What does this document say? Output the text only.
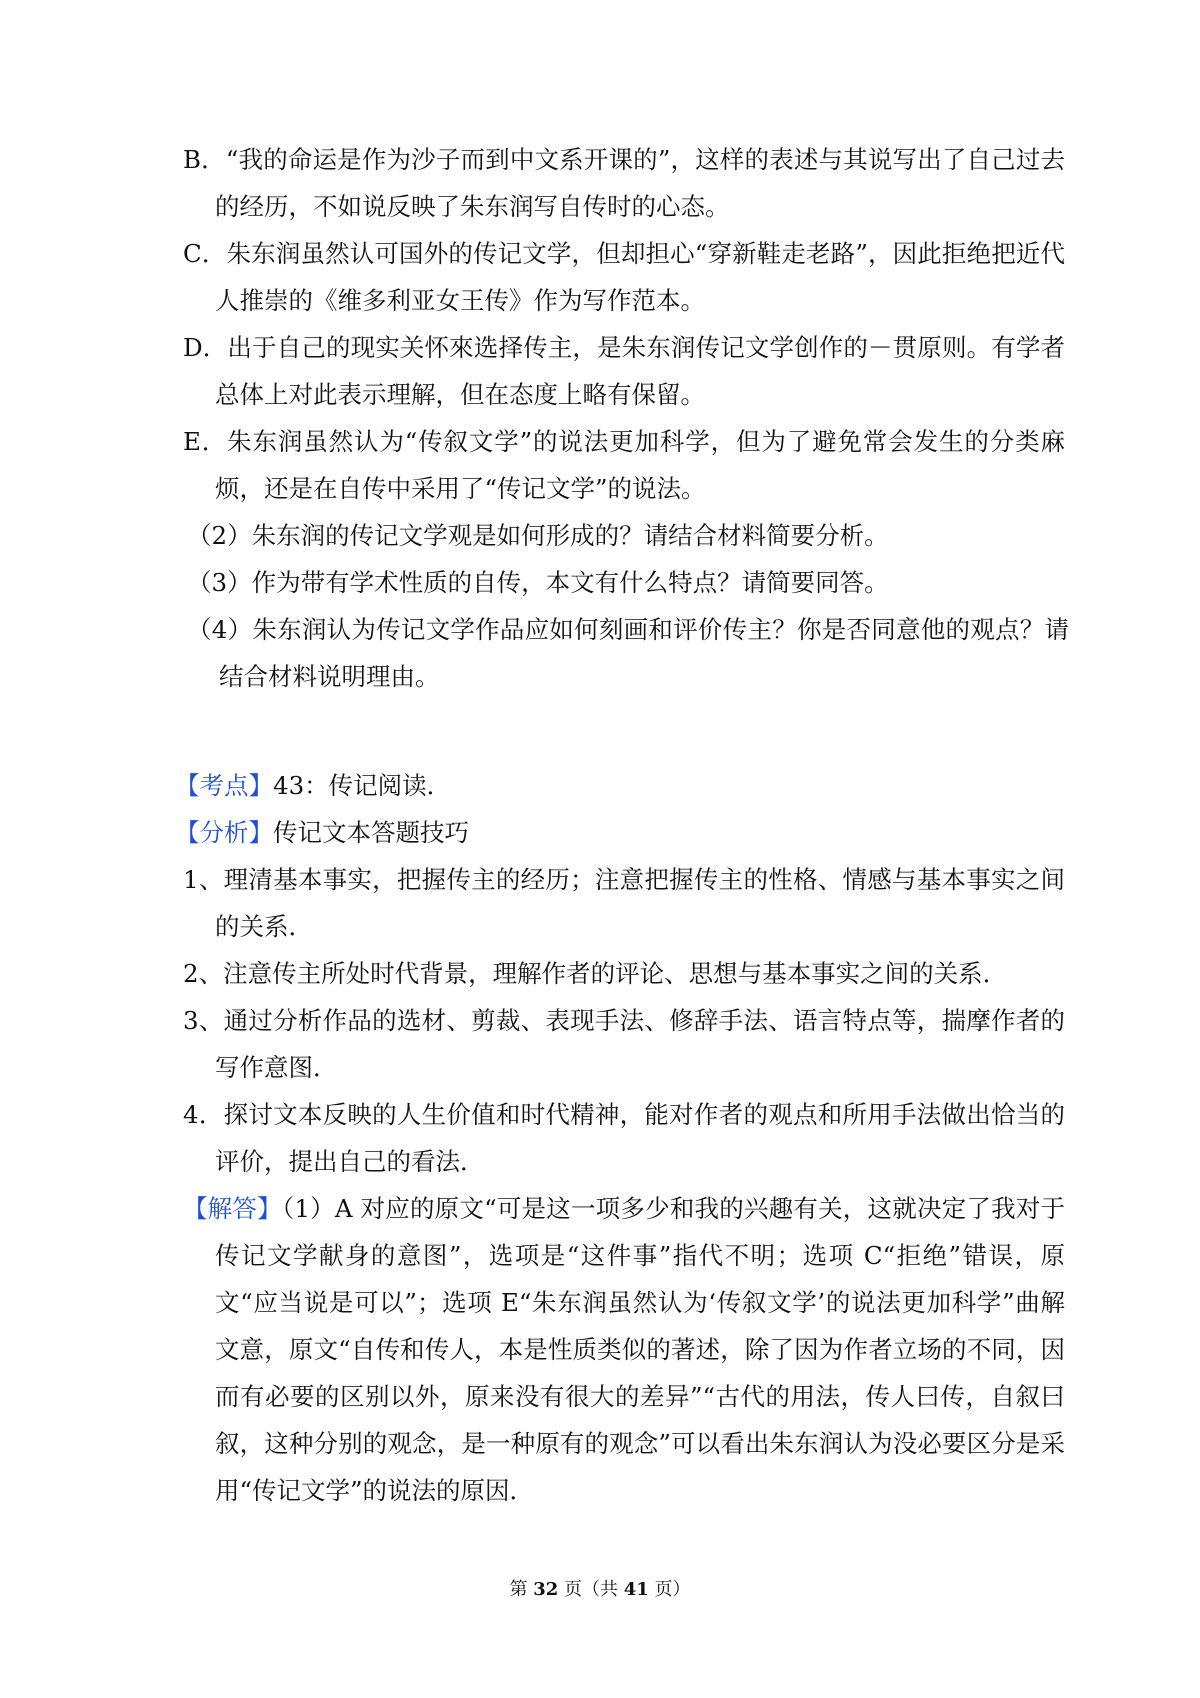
B．“我的命运是作为沙子而到中文系开课的”，这样的表述与其说写出了自己过去的经历，不如说反映了朱东润写自传时的心态。
C．朱东润虽然认可国外的传记文学，但却担心“穿新鞋走老路”，因此拒绝把近代人推崇的《维多利亚女王传》作为写作范本。
D．出于自己的现实关怀來选择传主，是朱东润传记文学创作的－贯原则。有学者总体上对此表示理解，但在态度上略有保留。
E．朱东润虽然认为“传叙文学”的说法更加科学，但为了避免常会发生的分类麻烦，还是在自传中采用了“传记文学”的说法。
（2）朱东润的传记文学观是如何形成的？请结合材料简要分析。
（3）作为带有学术性质的自传，本文有什么特点？请简要同答。
（4）朱东润认为传记文学作品应如何刻画和评价传主？你是否同意他的观点？请结合材料说明理由。
【考点】43：传记阅读．
【分析】传记文本答题技巧
1、理清基本事实，把握传主的经历；注意把握传主的性格、情感与基本事实之间的关系．
2、注意传主所处时代背景，理解作者的评论、思想与基本事实之间的关系．
3、通过分析作品的选材、剪裁、表现手法、修辞手法、语言特点等，揣摩作者的写作意图．
4．探讨文本反映的人生价值和时代精神，能对作者的观点和所用手法做出恰当的评价，提出自己的看法．
【解答】（1）A 对应的原文“可是这一项多少和我的兴趣有关，这就决定了我对于传记文学献身的意图”，选项是“这件事”指代不明；选项 C“拒绝”错误，原文“应当说是可以”；选项 E“朱东润虽然认为‘传叙文学’的说法更加科学”曲解文意，原文“自传和传人，本是性质类似的著述，除了因为作者立场的不同，因而有必要的区别以外，原来没有很大的差异”“古代的用法，传人曰传，自叙曰叙，这种分别的观念，是一种原有的观念”可以看出朱东润认为没必要区分是采用“传记文学”的说法的原因．
第 32 页（共 41 页）
